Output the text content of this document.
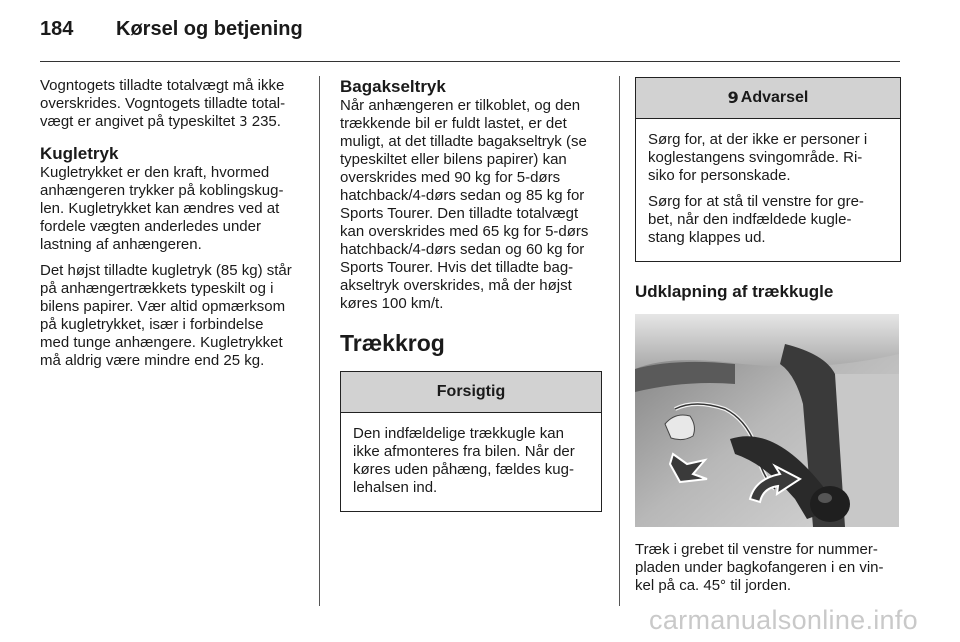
184 Kørsel og betjening

Vogntogets tilladte totalvægt må ikke
overskrides. Vogntogets tilladte total-
vægt er angivet på typeskiltet 3 235.

Kugletryk

Kugletrykket er den kraft, hvormed
anhængeren trykker på koblingskug-
len. Kugletrykket kan ændres ved at
fordele vægten anderledes under
lastning af anhængeren.

Det højst tilladte kugletryk (85 kg) står
på anhængertrækkets typeskilt og i
bilens papirer. Vær altid opmærksom
på kugletrykket, især i forbindelse
med tunge anhængere. Kugletrykket
må aldrig være mindre end 25 kg.

Bagakseltryk

Når anhængeren er tilkoblet, og den
trækkende bil er fuldt lastet, er det
muligt, at det tilladte bagakseltryk (se
typeskiltet eller bilens papirer) kan
overskrides med 90 kg for 5-dørs
hatchback/4-dørs sedan og 85 kg for
Sports Tourer. Den tilladte totalvægt
kan overskrides med 65 kg for 5-dørs
hatchback/4-dørs sedan og 60 kg for
Sports Tourer. Hvis det tilladte bag-
akseltryk overskrides, må der højst
køres 100 km/t.

Trækkrog
Forsigtig

Den indfældelige trækkugle kan
ikke afmonteres fra bilen. Når der
køres uden påhæng, fældes kug-
lehalsen ind.

9 Advarsel

Sørg for, at der ikke er personer i
koglestangens svingområde. Ri-
siko for personskade.

Sørg for at stå til venstre for gre-
bet, når den indfældede kugle-
stang klappes ud.

Udklapning af trækkugle

Træk i grebet til venstre for nummer-
pladen under bagkofangeren i en vin-
kel på ca. 45° til jorden.

carmanualsonline.info
